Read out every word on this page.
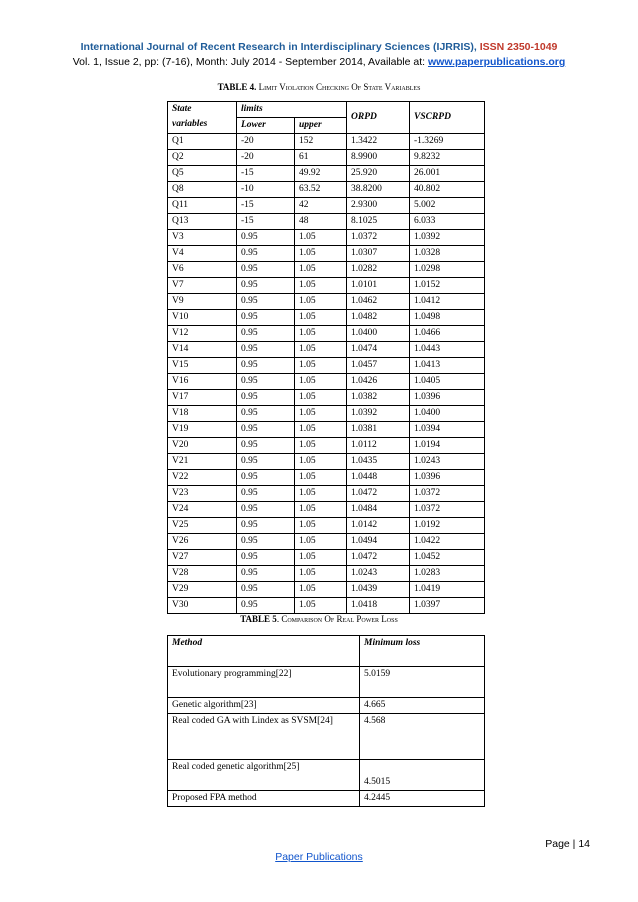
International Journal of Recent Research in Interdisciplinary Sciences (IJRRIS), ISSN 2350-1049
Vol. 1, Issue 2, pp: (7-16), Month: July 2014 - September 2014, Available at: www.paperpublications.org
TABLE 4. Limit Violation Checking Of State Variables
State
variables	limits		ORPD	VSCRPD
	Lower	upper		
Q1	-20	152	1.3422	-1.3269
Q2	-20	61	8.9900	9.8232
Q5	-15	49.92	25.920	26.001
Q8	-10	63.52	38.8200	40.802
Q11	-15	42	2.9300	5.002
Q13	-15	48	8.1025	6.033
V3	0.95	1.05	1.0372	1.0392
V4	0.95	1.05	1.0307	1.0328
V6	0.95	1.05	1.0282	1.0298
V7	0.95	1.05	1.0101	1.0152
V9	0.95	1.05	1.0462	1.0412
V10	0.95	1.05	1.0482	1.0498
V12	0.95	1.05	1.0400	1.0466
V14	0.95	1.05	1.0474	1.0443
V15	0.95	1.05	1.0457	1.0413
V16	0.95	1.05	1.0426	1.0405
V17	0.95	1.05	1.0382	1.0396
V18	0.95	1.05	1.0392	1.0400
V19	0.95	1.05	1.0381	1.0394
V20	0.95	1.05	1.0112	1.0194
V21	0.95	1.05	1.0435	1.0243
V22	0.95	1.05	1.0448	1.0396
V23	0.95	1.05	1.0472	1.0372
V24	0.95	1.05	1.0484	1.0372
V25	0.95	1.05	1.0142	1.0192
V26	0.95	1.05	1.0494	1.0422
V27	0.95	1.05	1.0472	1.0452
V28	0.95	1.05	1.0243	1.0283
V29	0.95	1.05	1.0439	1.0419
V30	0.95	1.05	1.0418	1.0397
TABLE 5. Comparison Of Real Power Loss
Method	Minimum loss
Evolutionary programming[22]	5.0159
Genetic algorithm[23]	4.665
Real coded GA with Lindex as SVSM[24]	4.568
Real coded genetic algorithm[25]	4.5015
Proposed FPA method	4.2445
Page | 14
Paper Publications
